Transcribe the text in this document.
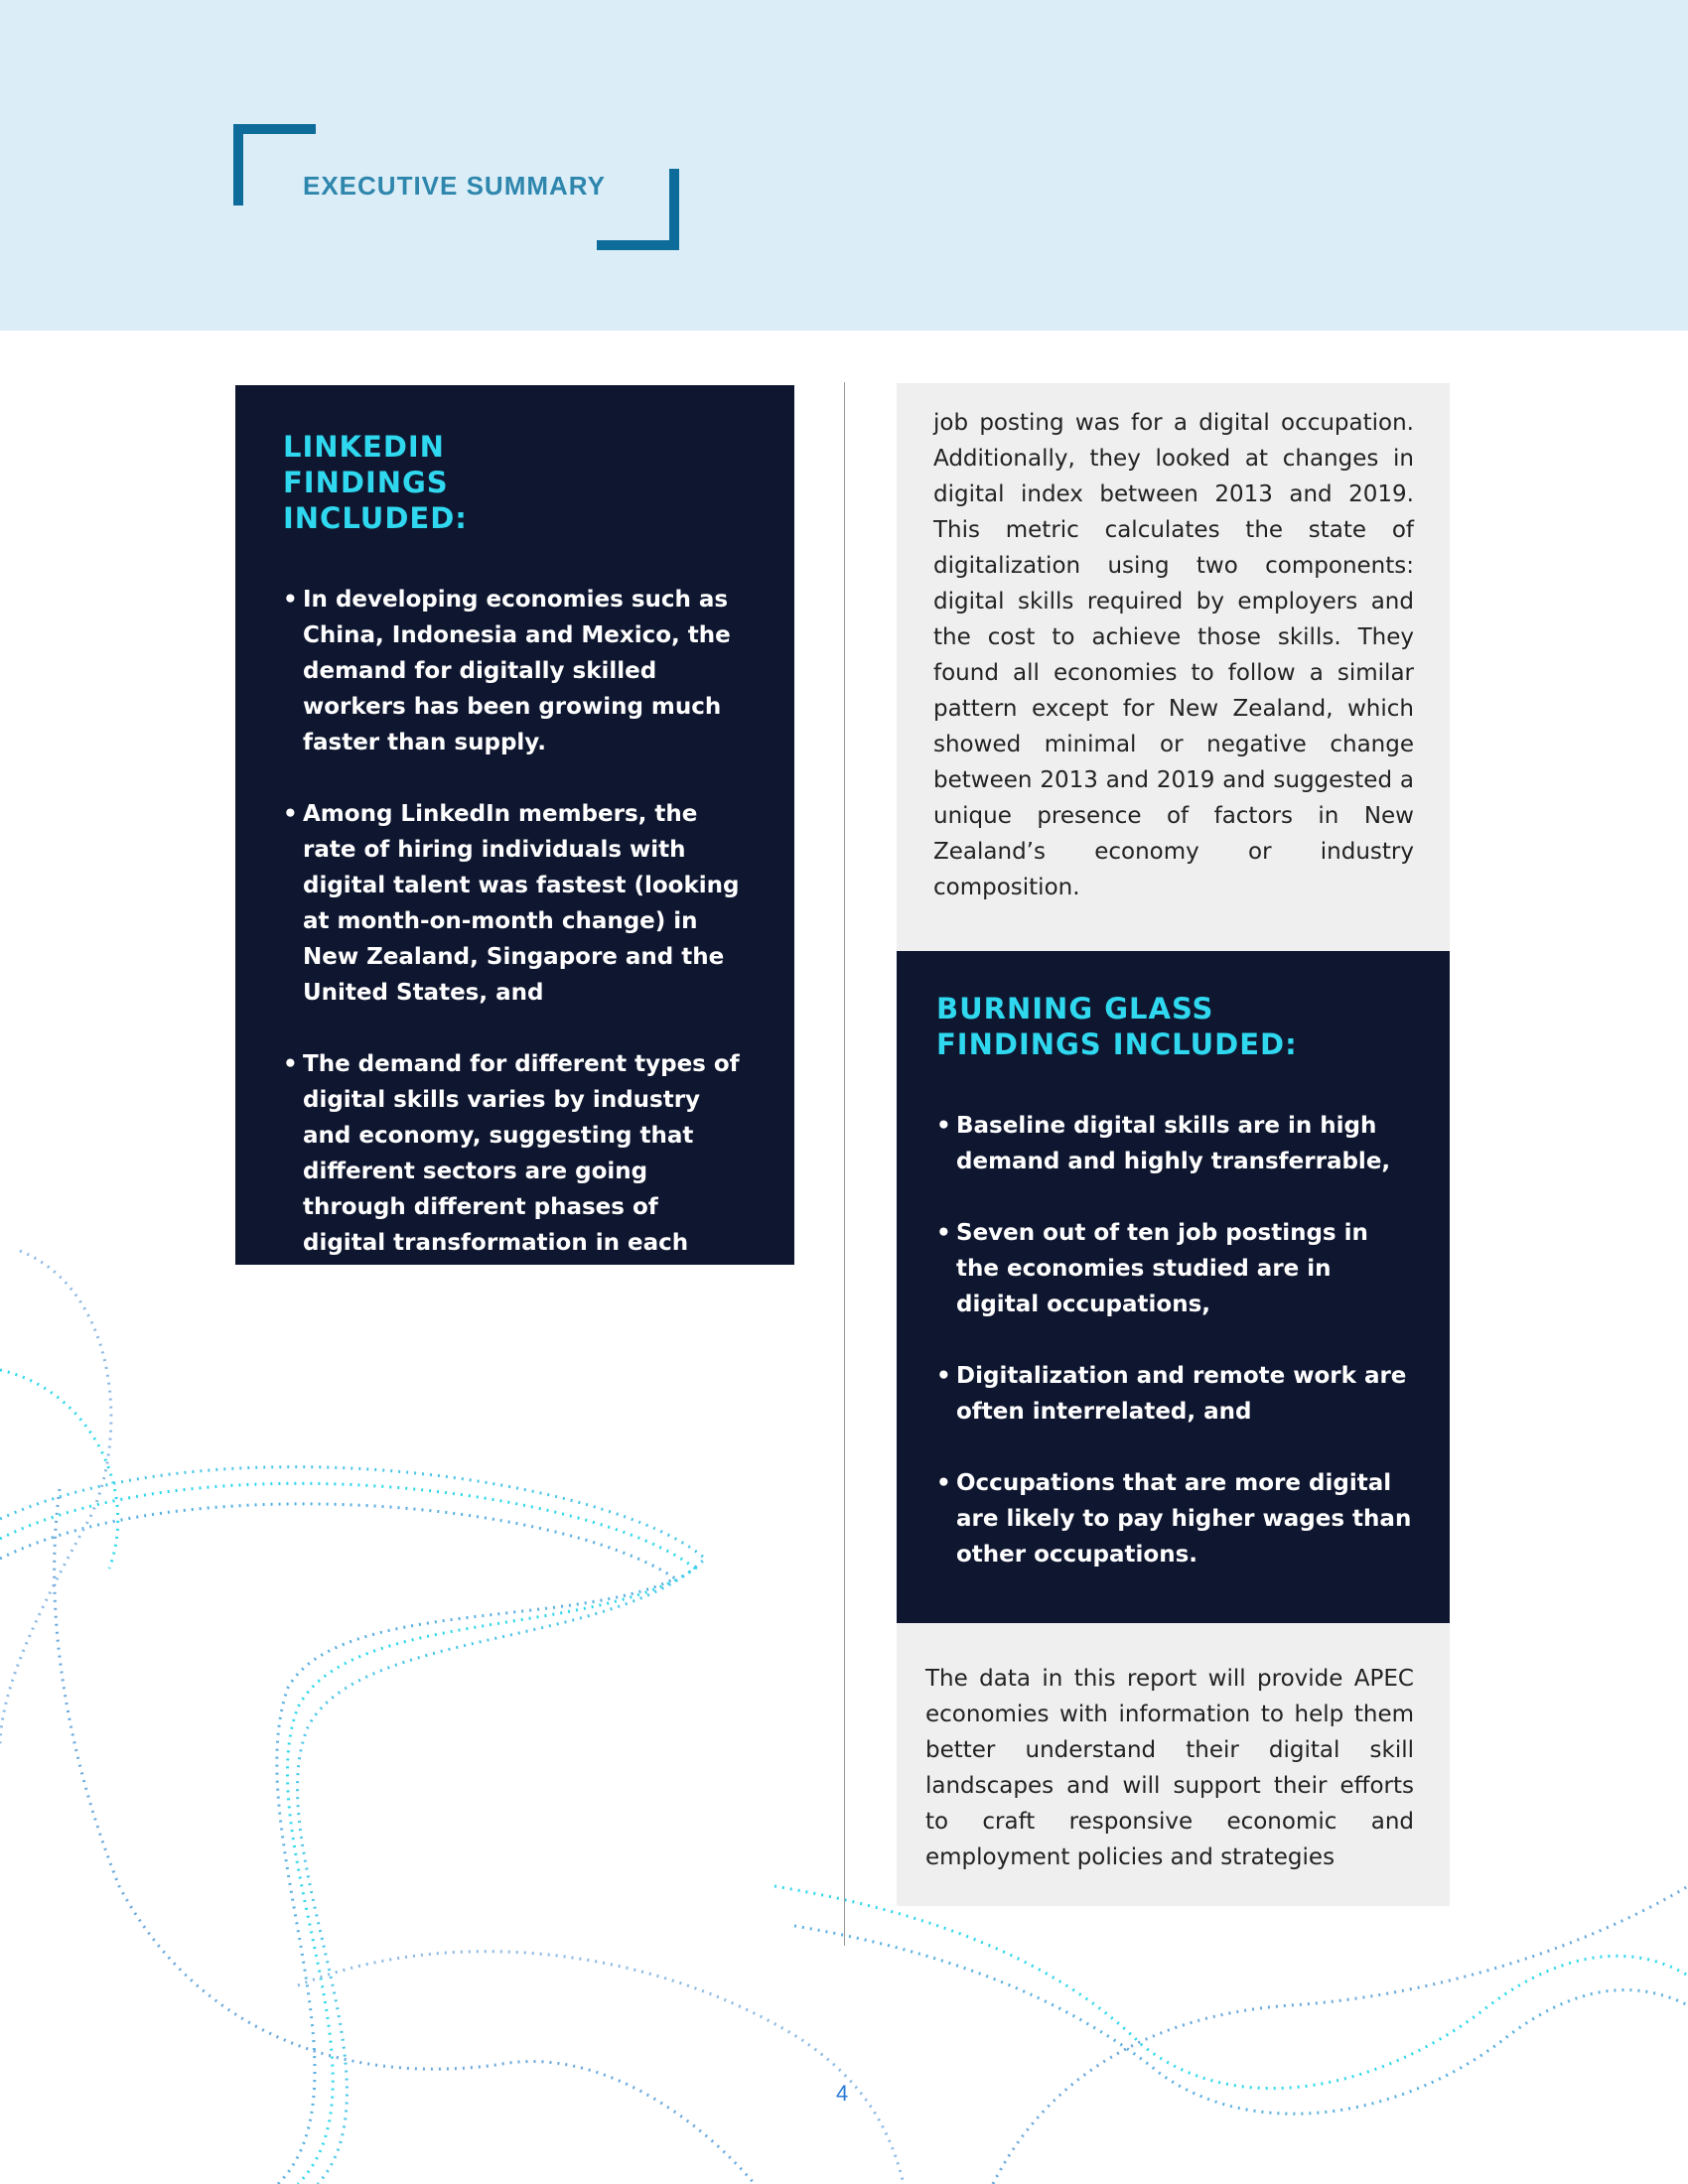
EXECUTIVE SUMMARY
LINKEDIN FINDINGS INCLUDED:
• In developing economies such as China, Indonesia and Mexico, the demand for digitally skilled workers has been growing much faster than supply.
• Among LinkedIn members, the rate of hiring individuals with digital talent was fastest (looking at month-on-month change) in New Zealand, Singapore and the United States, and
• The demand for different types of digital skills varies by industry and economy, suggesting that different sectors are going through different phases of digital transformation in each economy.
job posting was for a digital occupation. Additionally, they looked at changes in digital index between 2013 and 2019. This metric calculates the state of digitalization using two components: digital skills required by employers and the cost to achieve those skills. They found all economies to follow a similar pattern except for New Zealand, which showed minimal or negative change between 2013 and 2019 and suggested a unique presence of factors in New Zealand’s economy or industry composition.
BURNING GLASS FINDINGS INCLUDED:
• Baseline digital skills are in high demand and highly transferrable,
• Seven out of ten job postings in the economies studied are in digital occupations,
• Digitalization and remote work are often interrelated, and
• Occupations that are more digital are likely to pay higher wages than other occupations.
The data in this report will provide APEC economies with information to help them better understand their digital skill landscapes and will support their efforts to craft responsive economic and employment policies and strategies
4
